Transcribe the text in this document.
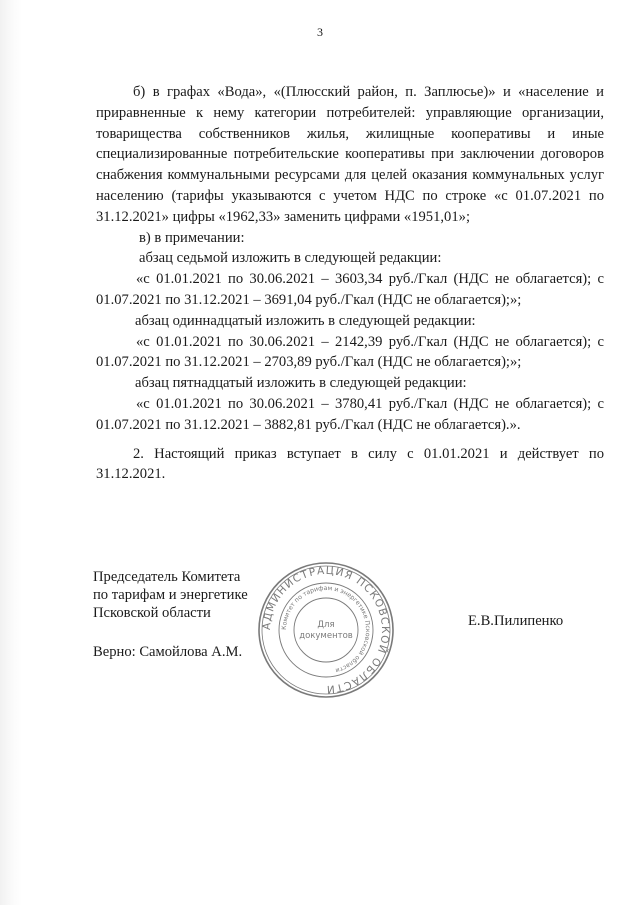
3

б) в графах «Вода», «(Плюсский район, п. Заплюсье)» и «население и приравненные к нему категории потребителей: управляющие организации, товарищества собственников жилья, жилищные кооперативы и иные специализированные потребительские кооперативы при заключении договоров снабжения коммунальными ресурсами для целей оказания коммунальных услуг населению (тарифы указываются с учетом НДС по строке «с 01.07.2021 по 31.12.2021» цифры «1962,33» заменить цифрами «1951,01»;

в) в примечании:

абзац седьмой изложить в следующей редакции:

«с 01.01.2021 по 30.06.2021 – 3603,34 руб./Гкал (НДС не облагается); с 01.07.2021 по 31.12.2021 – 3691,04 руб./Гкал (НДС не облагается);»;

абзац одиннадцатый изложить в следующей редакции:

«с 01.01.2021 по 30.06.2021 – 2142,39 руб./Гкал (НДС не облагается); с 01.07.2021 по 31.12.2021 – 2703,89 руб./Гкал (НДС не облагается);»;

абзац пятнадцатый изложить в следующей редакции:

«с 01.01.2021 по 30.06.2021 – 3780,41 руб./Гкал (НДС не облагается); с 01.07.2021 по 31.12.2021 – 3882,81 руб./Гкал (НДС не облагается).».

2. Настоящий приказ вступает в силу с 01.01.2021 и действует по 31.12.2021.

Председатель Комитета
по тарифам и энергетике
Псковской области
Верно: Самойлова А.М.
Е.В.Пилипенко
АДМИНИСТРАЦИЯ ПСКОВСКОЙ ОБЛАСТИ
Комитет по тарифам и энергетике Псковской области
Для
документов
